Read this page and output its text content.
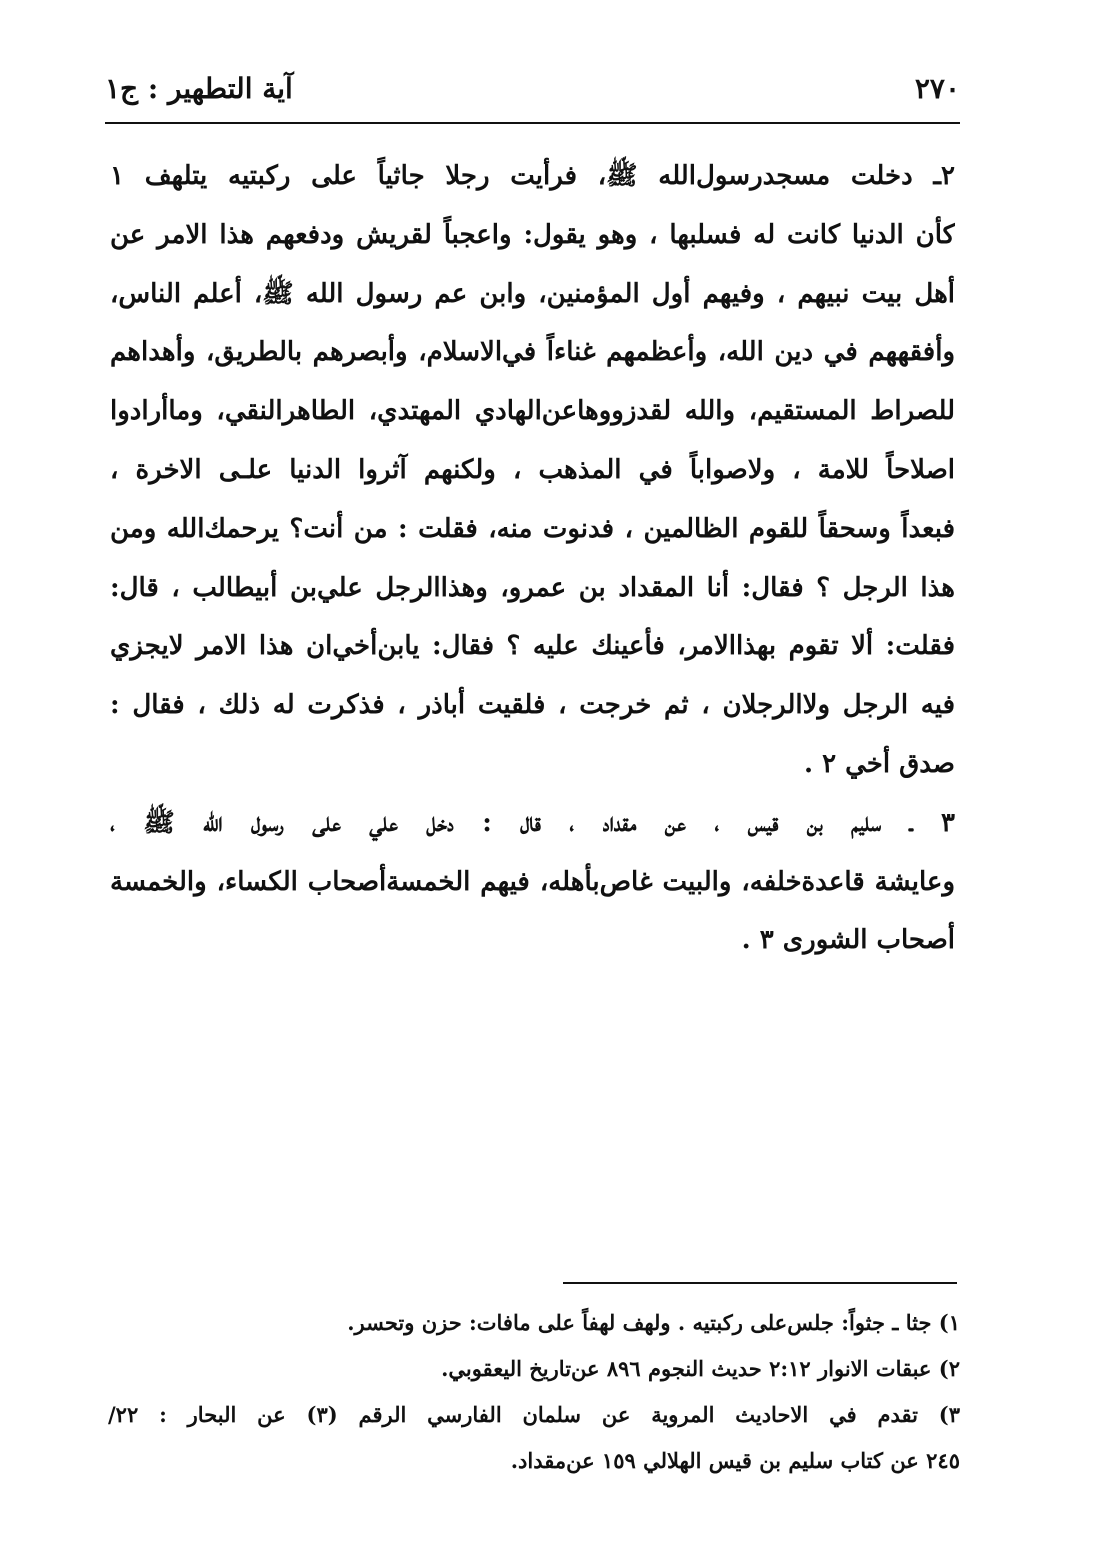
٢٧٠
آية التطهير : ج١
٢ـ دخلت مسجدرسول‌الله ﷺ، فرأيت رجلا جاثياً على ركبتيه يتلهف ١
كأن الدنيا كانت له فسلبها ، وهو يقول: واعجباً لقريش ودفعهم هذا الامر عن
أهل بيت نبيهم ، وفيهم أول المؤمنين، وابن عم رسول الله ﷺ، أعلم الناس،
وأفقههم في دين الله، وأعظمهم غناءاً في‌الاسلام، وأبصرهم بالطريق، وأهداهم
للصراط المستقيم، والله لقدزووهاعن‌الهادي المهتدي، الطاهرالنقي، وماأرادوا
اصلاحاً للامة ، ولاصواباً في المذهب ، ولكنهم آثروا الدنيا علـى الاخرة ،
فبعداً وسحقاً للقوم الظالمين ، فدنوت منه، فقلت : من أنت؟ يرحمك‌الله ومن
هذا الرجل ؟ فقال: أنا المقداد بن عمرو، وهذاالرجل علي‌بن أبيطالب ، قال:
فقلت: ألا تقوم بهذاالامر، فأعينك عليه ؟ فقال: يابن‌أخي‌ان هذا الامر لايجزي
فيه الرجل ولاالرجلان ، ثم خرجت ، فلقيت أباذر ، فذكرت له ذلك ، فقال :
صدق أخي ٢ .
٣ ـ سليم بن قيس ، عن مقداد ، قال : دخل علي على رسول الله ﷺ ،
وعايشة قاعدةخلفه، والبيت غاص‌بأهله، فيهم الخمسةأصحاب الكساء، والخمسة
أصحاب الشورى ٣ .
١) جثا ـ جثواً: جلس‌على ركبتيه . ولهف لهفاً على مافات: حزن وتحسر.
٢) عبقات الانوار ٢:١٢ حديث النجوم ٨٩٦ عن‌تاريخ اليعقوبي.
٣) تقدم في الاحاديث المروية عن سلمان الفارسي الرقم (٣) عن البحار : ٢٢/
٢٤٥ عن كتاب سليم بن قيس الهلالي ١٥٩ عن‌مقداد.
